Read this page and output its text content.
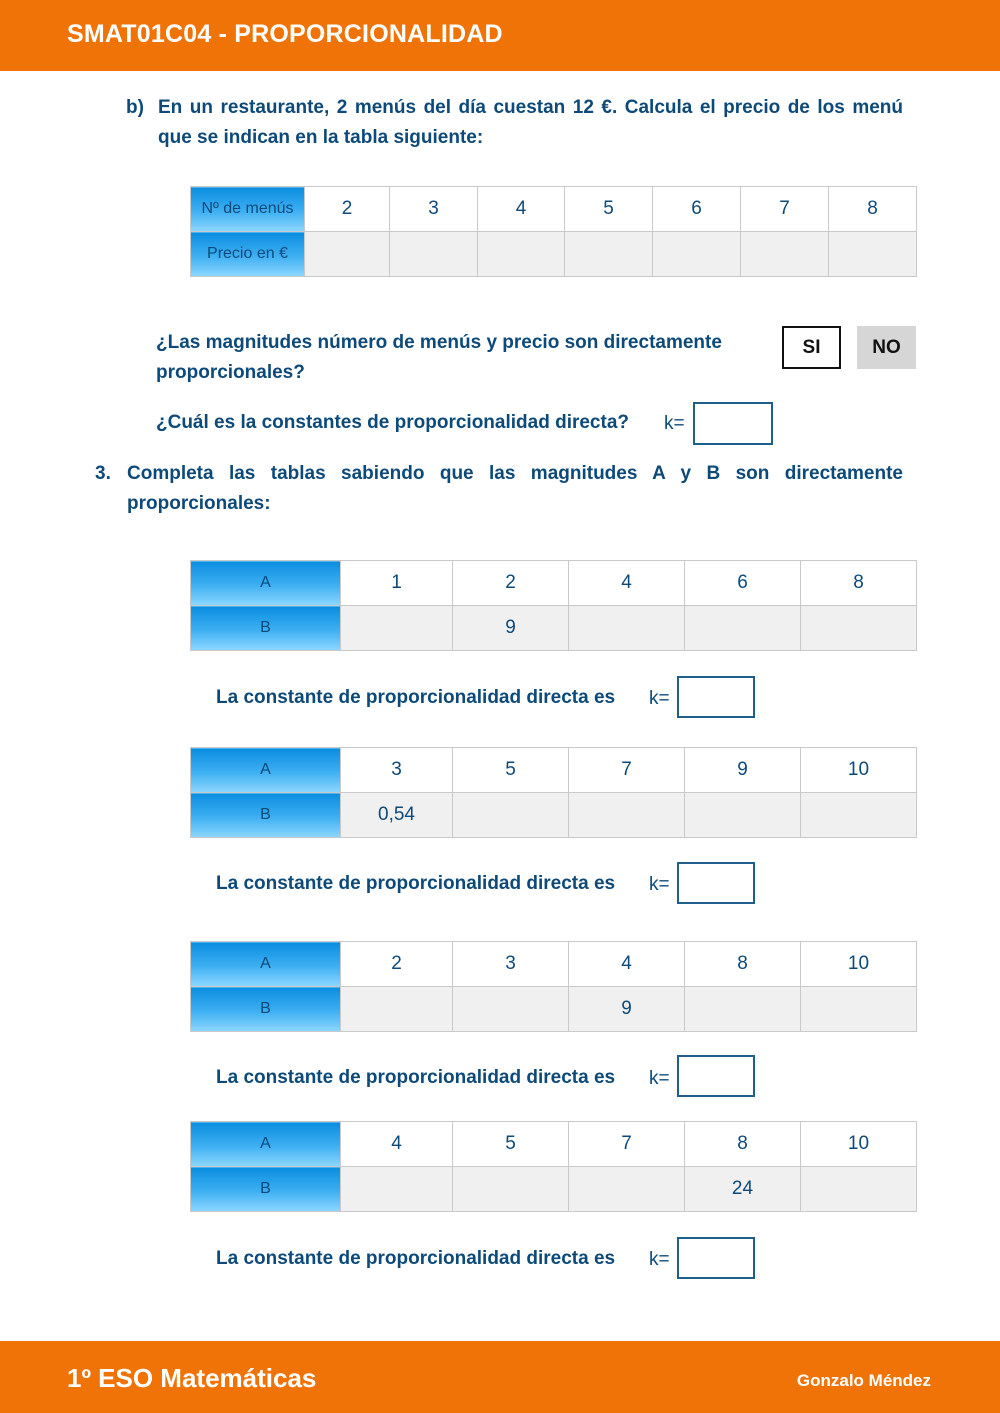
SMAT01C04 - PROPORCIONALIDAD
b) En un restaurante, 2 menús del día cuestan 12 €. Calcula el precio de los menú que se indican en la tabla siguiente:
Nº de menús	2	3	4	5	6	7	8
Precio en €							
¿Las magnitudes número de menús y precio son directamente proporcionales?
SI	NO
¿Cuál es la constantes de proporcionalidad directa? k=
3. Completa las tablas sabiendo que las magnitudes A y B son directamente proporcionales:
A	1	2	4	6	8
B		9			
La constante de proporcionalidad directa es k=
A	3	5	7	9	10
B	0,54				
La constante de proporcionalidad directa es k=
A	2	3	4	8	10
B			9		
La constante de proporcionalidad directa es k=
A	4	5	7	8	10
B				24	
La constante de proporcionalidad directa es k=
1º ESO Matemáticas	Gonzalo Méndez
